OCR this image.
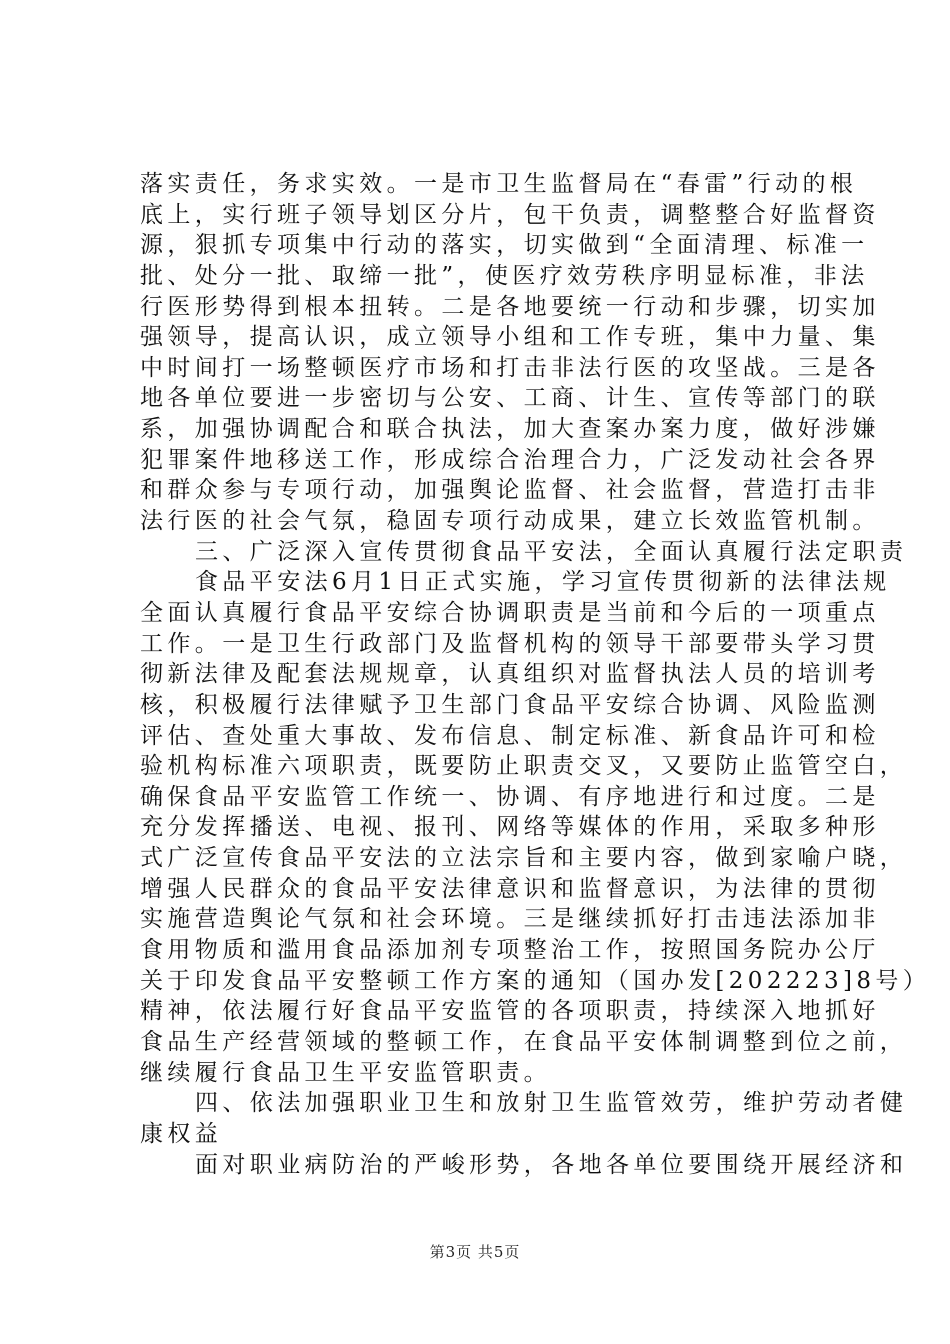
落实责任，务求实效。一是市卫生监督局在“春雷”行动的根
底上，实行班子领导划区分片，包干负责，调整整合好监督资
源，狠抓专项集中行动的落实，切实做到“全面清理、标准一
批、处分一批、取缔一批”，使医疗效劳秩序明显标准，非法
行医形势得到根本扭转。二是各地要统一行动和步骤，切实加
强领导，提高认识，成立领导小组和工作专班，集中力量、集
中时间打一场整顿医疗市场和打击非法行医的攻坚战。三是各
地各单位要进一步密切与公安、工商、计生、宣传等部门的联
系，加强协调配合和联合执法，加大查案办案力度，做好涉嫌
犯罪案件地移送工作，形成综合治理合力，广泛发动社会各界
和群众参与专项行动，加强舆论监督、社会监督，营造打击非
法行医的社会气氛，稳固专项行动成果，建立长效监管机制。
三、广泛深入宣传贯彻食品平安法，全面认真履行法定职责
食品平安法6月1日正式实施，学习宣传贯彻新的法律法规
全面认真履行食品平安综合协调职责是当前和今后的一项重点
工作。一是卫生行政部门及监督机构的领导干部要带头学习贯
彻新法律及配套法规规章，认真组织对监督执法人员的培训考
核，积极履行法律赋予卫生部门食品平安综合协调、风险监测
评估、查处重大事故、发布信息、制定标准、新食品许可和检
验机构标准六项职责，既要防止职责交叉，又要防止监管空白，
确保食品平安监管工作统一、协调、有序地进行和过度。二是
充分发挥播送、电视、报刊、网络等媒体的作用，采取多种形
式广泛宣传食品平安法的立法宗旨和主要内容，做到家喻户晓，
增强人民群众的食品平安法律意识和监督意识，为法律的贯彻
实施营造舆论气氛和社会环境。三是继续抓好打击违法添加非
食用物质和滥用食品添加剂专项整治工作，按照国务院办公厅
关于印发食品平安整顿工作方案的通知（国办发[202223]8号）
精神，依法履行好食品平安监管的各项职责，持续深入地抓好
食品生产经营领域的整顿工作，在食品平安体制调整到位之前，
继续履行食品卫生平安监管职责。
四、依法加强职业卫生和放射卫生监管效劳，维护劳动者健
康权益
面对职业病防治的严峻形势，各地各单位要围绕开展经济和
第3页 共5页
